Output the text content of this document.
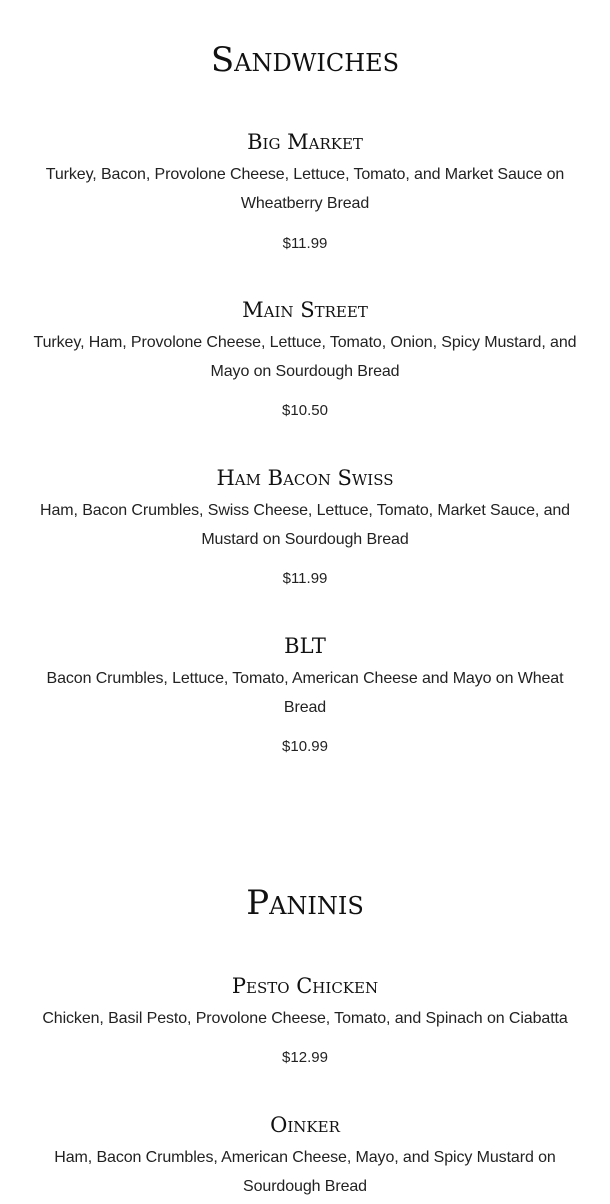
Sandwiches
Big Market

Turkey, Bacon, Provolone Cheese, Lettuce, Tomato, and Market Sauce on Wheatberry Bread

$11.99

Main Street

Turkey, Ham, Provolone Cheese, Lettuce, Tomato, Onion, Spicy Mustard, and Mayo on Sourdough Bread

$10.50

Ham Bacon Swiss

Ham, Bacon Crumbles, Swiss Cheese, Lettuce, Tomato, Market Sauce, and Mustard on Sourdough Bread

$11.99

BLT

Bacon Crumbles, Lettuce, Tomato, American Cheese and Mayo on Wheat Bread

$10.99

Paninis
Pesto Chicken

Chicken, Basil Pesto, Provolone Cheese, Tomato, and Spinach on Ciabatta

$12.99

Oinker

Ham, Bacon Crumbles, American Cheese, Mayo, and Spicy Mustard on Sourdough Bread
